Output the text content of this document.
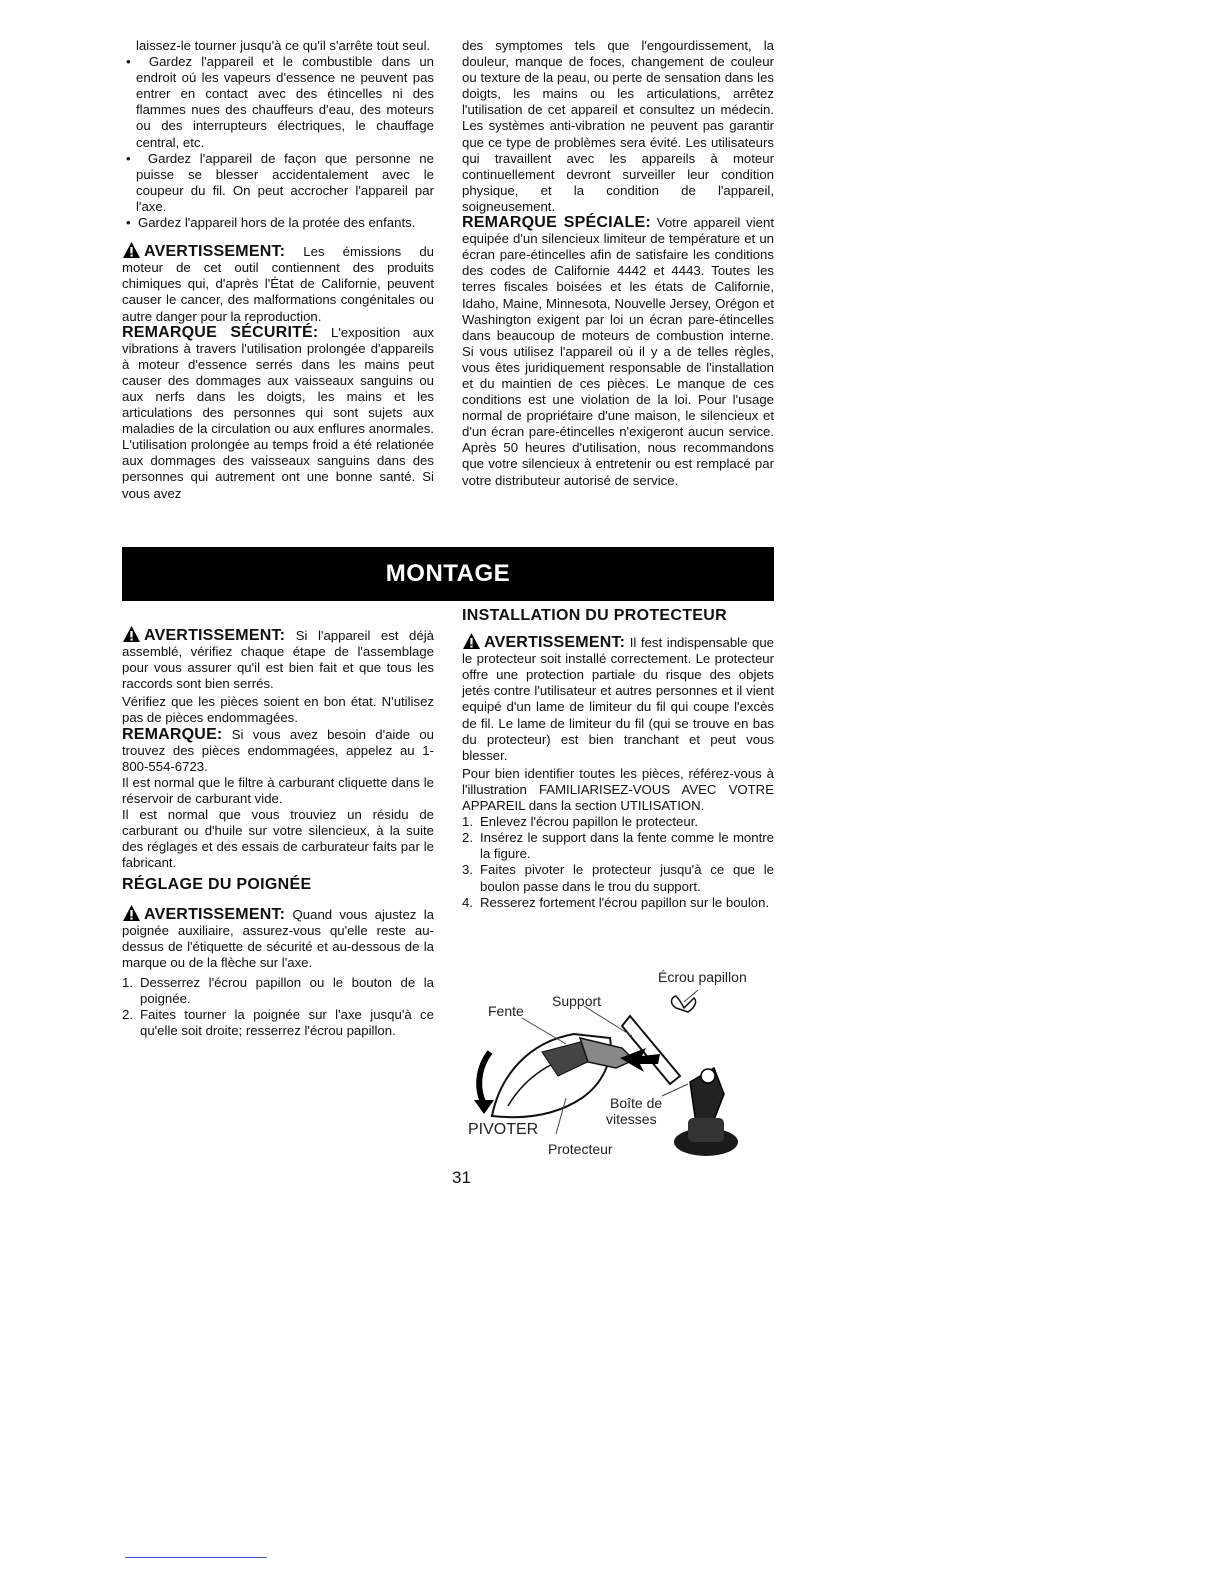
laissez-le tourner jusqu'à ce qu'il s'arrête tout seul.

•  Gardez l'appareil et le combustible dans un endroit oú les vapeurs d'essence ne peuvent pas entrer en contact avec des étincelles ni des flammes nues des chauffeurs d'eau, des moteurs ou des interrupteurs électriques, le chauffage central, etc.

•  Gardez l'appareil de façon que personne ne puisse se blesser accidentalement avec le coupeur du fil. On peut accrocher l'appareil par l'axe.

•  Gardez l'appareil hors de la protée des enfants.

AVERTISSEMENT: Les émissions du moteur de cet outil contiennent des produits chimiques qui, d'après l'État de Californie, peuvent causer le cancer, des malformations congénitales ou autre danger pour la reproduction.

REMARQUE SÉCURITÉ: L'exposition aux vibrations à travers l'utilisation prolongée d'appareils à moteur d'essence serrés dans les mains peut causer des dommages aux vaisseaux sanguins ou aux nerfs dans les doigts, les mains et les articulations des personnes qui sont sujets aux maladies de la circulation ou aux enflures anormales. L'utilisation prolongée au temps froid a été relationée aux dommages des vaisseaux sanguins dans des personnes qui autrement ont une bonne santé. Si vous avez

des symptomes tels que l'engourdissement, la douleur, manque de foces, changement de couleur ou texture de la peau, ou perte de sensation dans les doigts, les mains ou les articulations, arrêtez l'utilisation de cet appareil et consultez un médecin. Les systèmes anti-vibration ne peuvent pas garantir que ce type de problèmes sera évité. Les utilisateurs qui travaillent avec les appareils à moteur continuellement devront surveiller leur condition physique, et la condition de l'appareil, soigneusement.

REMARQUE SPÉCIALE: Votre appareil vient equipée d'un silencieux limiteur de température et un écran pare-étincelles afin de satisfaire les conditions des codes de Californie 4442 et 4443. Toutes les terres fiscales boisées et les états de Californie, Idaho, Maine, Minnesota, Nouvelle Jersey, Orégon et Washington exigent par loi un écran pare-étincelles dans beaucoup de moteurs de combustion interne. Si vous utilisez l'appareil où il y a de telles règles, vous êtes juridiquement responsable de l'installation et du maintien de ces pièces. Le manque de ces conditions est une violation de la loi. Pour l'usage normal de propriétaire d'une maison, le silencieux et d'un écran pare-étincelles n'exigeront aucun service. Après 50 heures d'utilisation, nous recommandons que votre silencieux à entretenir ou est remplacé par votre distributeur autorisé de service.

MONTAGE

AVERTISSEMENT: Si l'appareil est déjà assemblé, vérifiez chaque étape de l'assemblage pour vous assurer qu'il est bien fait et que tous les raccords sont bien serrés.

Vérifiez que les pièces soient en bon état. N'utilisez pas de pièces endommagées.

REMARQUE: Si vous avez besoin d'aide ou trouvez des pièces endommagées, appelez au 1-800-554-6723.

Il est normal que le filtre à carburant cliquette dans le réservoir de carburant vide.

Il est normal que vous trouviez un résidu de carburant ou d'huile sur votre silencieux, à la suite des réglages et des essais de carburateur faits par le fabricant.

RÉGLAGE DU POIGNÉE

AVERTISSEMENT: Quand vous ajustez la poignée auxiliaire, assurez-vous qu'elle reste au-dessus de l'étiquette de sécurité et au-dessous de la marque ou de la flèche sur l'axe.

1. Desserrez l'écrou papillon ou le bouton de la poignée.
2. Faites tourner la poignée sur l'axe jusqu'à ce qu'elle soit droite; resserrez l'écrou papillon.
INSTALLATION DU PROTECTEUR

AVERTISSEMENT: Il fest indispensable que le protecteur soit installé correctement. Le protecteur offre une protection partiale du risque des objets jetés contre l'utilisateur et autres personnes et il vient equipé d'un lame de limiteur du fil qui coupe l'excès de fil. Le lame de limiteur du fil (qui se trouve en bas du protecteur) est bien tranchant et peut vous blesser.

Pour bien identifier toutes les pièces, référez-vous à l'illustration FAMILIARISEZ-VOUS AVEC VOTRE APPAREIL dans la section UTILISATION.

1. Enlevez l'écrou papillon le protecteur.
2. Insérez le support dans la fente comme le montre la figure.
3. Faites pivoter le protecteur jusqu'à ce que le boulon passe dans le trou du support.
4. Resserez fortement l'écrou papillon sur le boulon.
Écrou papillon
Support
Fente
Boîte de
vitesses
PIVOTER
Protecteur
31
